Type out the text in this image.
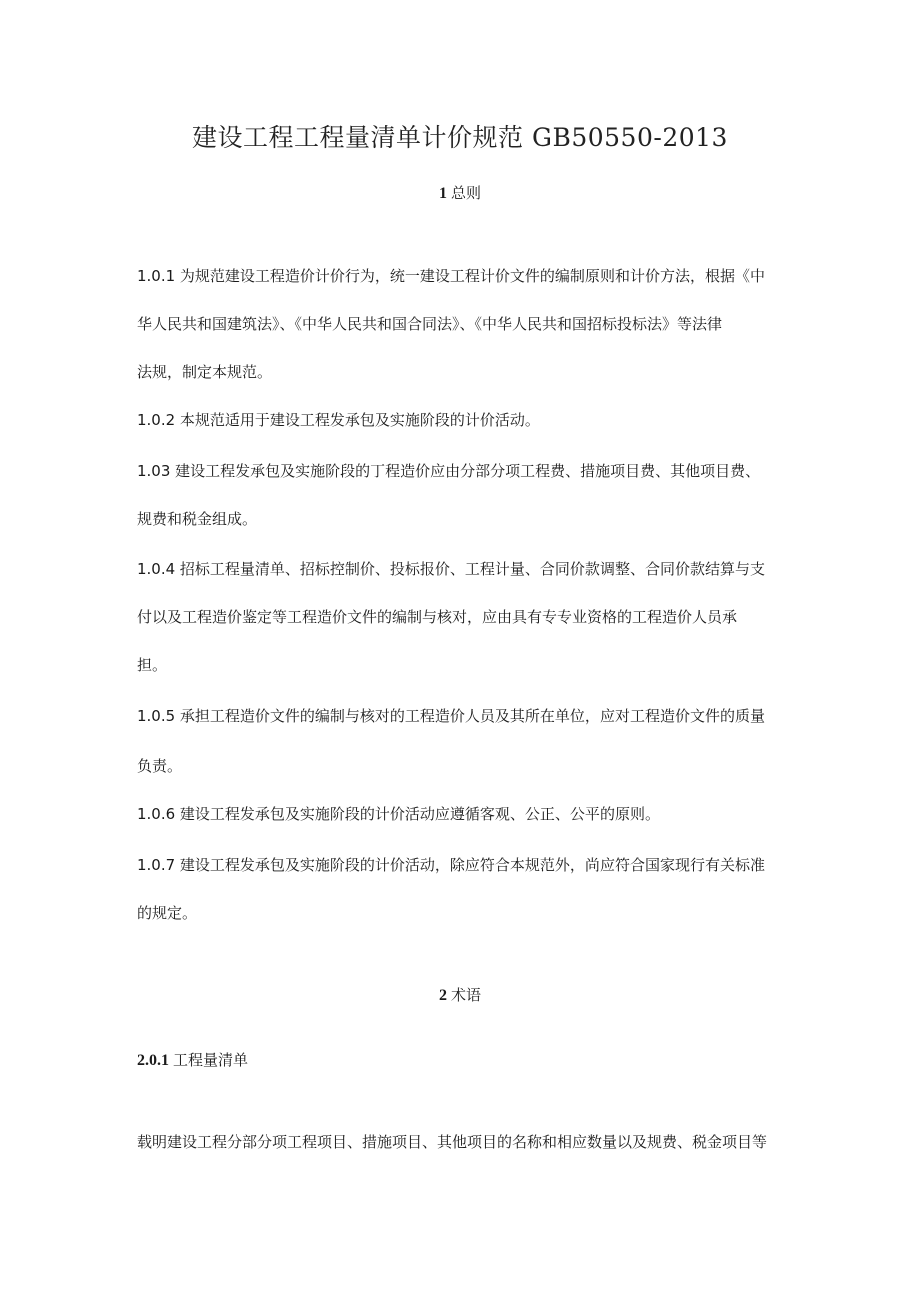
建设工程工程量清单计价规范 GB50550-2013
1 总则

1.0.1 为规范建设工程造价计价行为，统一建设工程计价文件的编制原则和计价方法，根据《中

华人民共和国建筑法》、《中华人民共和国合同法》、《中华人民共和国招标投标法》等法律

法规，制定本规范。

1.0.2 本规范适用于建设工程发承包及实施阶段的计价活动。

1.03 建设工程发承包及实施阶段的丁程造价应由分部分项工程费、措施项目费、其他项目费、

规费和税金组成。

1.0.4 招标工程量清单、招标控制价、投标报价、工程计量、合同价款调整、合同价款结算与支

付以及工程造价鉴定等工程造价文件的编制与核对，应由具有专专业资格的工程造价人员承

担。

1.0.5 承担工程造价文件的编制与核对的工程造价人员及其所在单位，应对工程造价文件的质量

负责。

1.0.6 建设工程发承包及实施阶段的计价活动应遵循客观、公正、公平的原则。

1.0.7 建设工程发承包及实施阶段的计价活动，除应符合本规范外，尚应符合国家现行有关标准

的规定。

2 术语
2.0.1 工程量清单

载明建设工程分部分项工程项目、措施项目、其他项目的名称和相应数量以及规费、税金项目等
